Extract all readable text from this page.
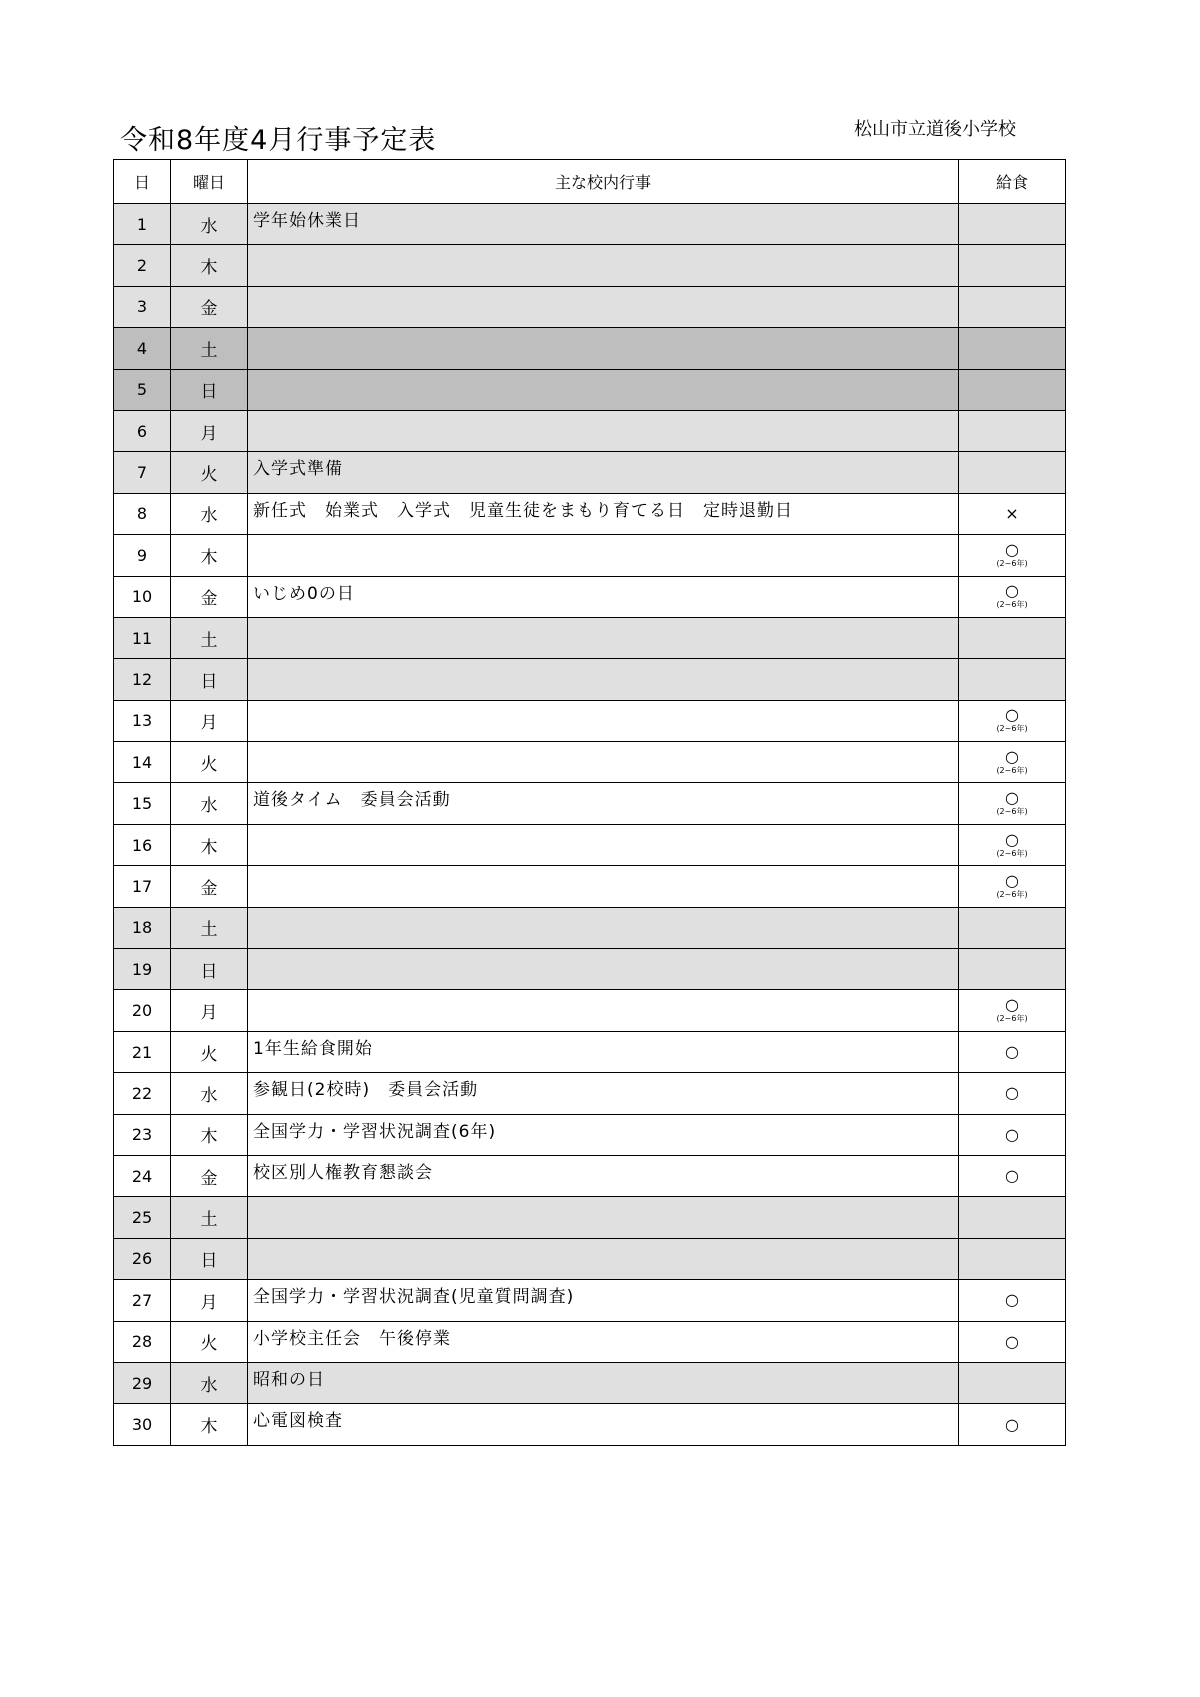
令和8年度4月行事予定表	松山市立道後小学校
日	曜日	主な校内行事	給食
1	水	学年始休業日	

2	木		

3	金		

4	土		

5	日		

6	月		

7	火	入学式準備	

8	水	新任式　始業式　入学式　児童生徒をまもり育てる日　定時退勤日	×

9	木		○
(2~6年)

10	金	いじめ0の日	○
(2~6年)

11	土		

12	日		

13	月		○
(2~6年)

14	火		○
(2~6年)

15	水	道後タイム　委員会活動	○
(2~6年)

16	木		○
(2~6年)

17	金		○
(2~6年)

18	土		

19	日		

20	月		○
(2~6年)

21	火	1年生給食開始	○

22	水	参観日(2校時)　委員会活動	○

23	木	全国学力・学習状況調査(6年)	○

24	金	校区別人権教育懇談会	○

25	土		

26	日		

27	月	全国学力・学習状況調査(児童質問調査)	○

28	火	小学校主任会　午後停業	○

29	水	昭和の日	

30	木	心電図検査	○
